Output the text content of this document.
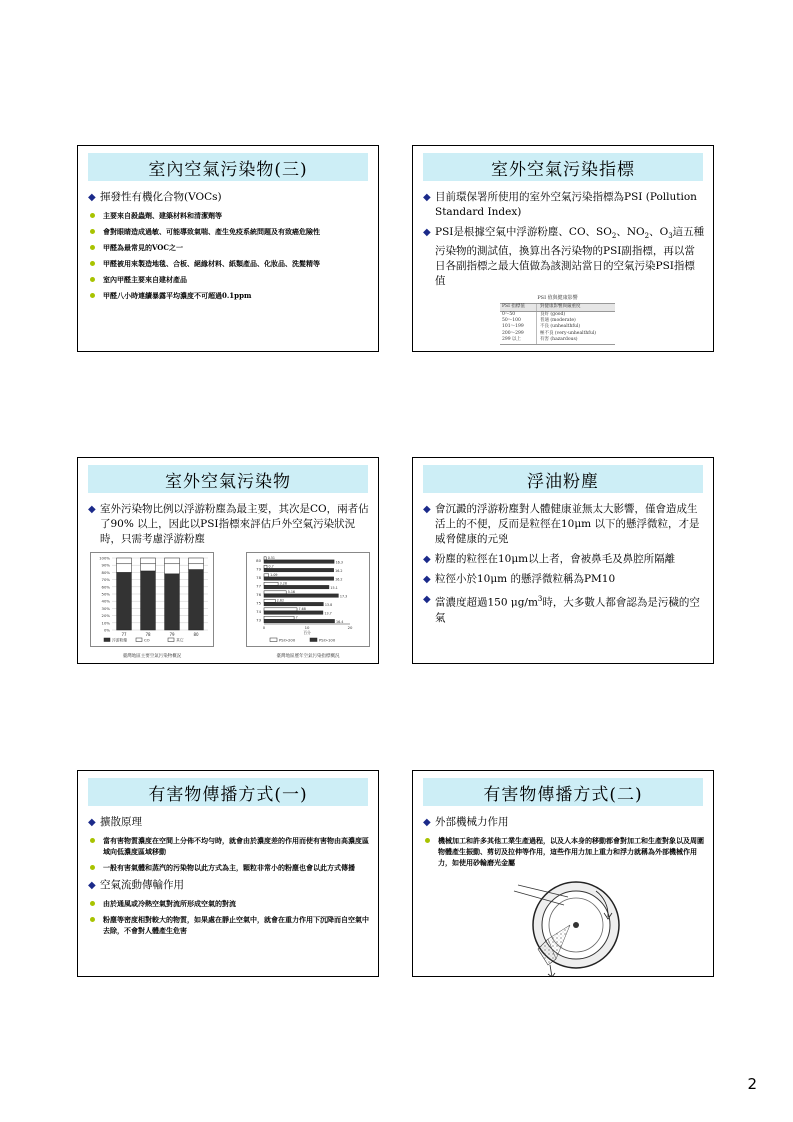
室內空氣污染物(三)
◆ 揮發性有機化合物(VOCs)
主要來自殺蟲劑、建築材料和清潔劑等
會對眼睛造成過敏、可能導致氣喘、產生免疫系統問題及有致癌危險性
甲醛為最常見的VOC之一
甲醛被用來製造地毯、合板、絕緣材料、紙類產品、化妝品、洗髮精等
室內甲醛主要來自建材產品
甲醛八小時連續暴露平均濃度不可超過0.1ppm
室外空氣污染指標
◆ 目前環保署所使用的室外空氣污染指標為PSI (Pollution Standard Index)
◆ PSI是根據空氣中浮游粉塵、CO、$SO_2$、$NO_2$、$O_3$這五種污染物的測試值，換算出各污染物的PSI副指標，再以當日各副指標之最大值做為該測站當日的空氣污染PSI指標值
PSI 值與健康影響
PSI 指標值	對健康影響與嚴重度
0～50	良好 (good)
50～100	普通 (moderate)
101～199	不良 (unhealthful)
200～299	極不良 (very-unhealthful)
299 以上	有害 (hazardous)
室外空氣污染物
◆ 室外污染物比例以浮游粉塵為最主要，其次是CO，兩者佔了90% 以上，因此以PSI指標來評估戶外空氣污染狀況時，只需考慮浮游粉塵
0%
10%
20%
30%
40%
50%
60%
70%
80%
90%
100%
77	78	79	80
浮游粉塵	CO	其它
臺灣地區主要空氣污染物概況
80 0.51
16.3
79 0.7
16.2
78	1.09
16.2
77	3.28
15.1
76	5.16
17.3
75	2.62
13.8
74	7.68
13.7
73	7
16.4
0	10	20
百分
PSI>200	PSI>100
臺灣地區歷年空氣污染指標概況
浮油粉塵
◆ 會沉澱的浮游粉塵對人體健康並無太大影響，僅會造成生活上的不便，反而是粒徑在10μm 以下的懸浮微粒，才是威脅健康的元兇
◆ 粉塵的粒徑在10μm以上者，會被鼻毛及鼻腔所隔離
◆ 粒徑小於10μm 的懸浮微粒稱為PM10
◆ 當濃度超過150 $\mu g/m^3$時，大多數人都會認為是污穢的空氣
有害物傳播方式(一)
◆ 擴散原理
當有害物質濃度在空間上分佈不均勻時，就會由於濃度差的作用而使有害物由高濃度區域向低濃度區域移動
一般有害氣體和蒸汽的污染物以此方式為主，顆粒非常小的粉塵也會以此方式傳播
◆ 空氣流動傳輸作用
由於通風或冷熱空氣對流所形成空氣的對流
粉塵等密度相對較大的物質，如果處在靜止空氣中，就會在重力作用下沉降而自空氣中去除，不會對人體產生危害
有害物傳播方式(二)
◆ 外部機械力作用
機械加工和許多其他工業生產過程，以及人本身的移動都會對加工和生產對象以及周圍物體產生振動、剪切及拉伸等作用，這些作用力加上重力和浮力就稱為外部機械作用力，如使用砂輪磨光金屬
2
